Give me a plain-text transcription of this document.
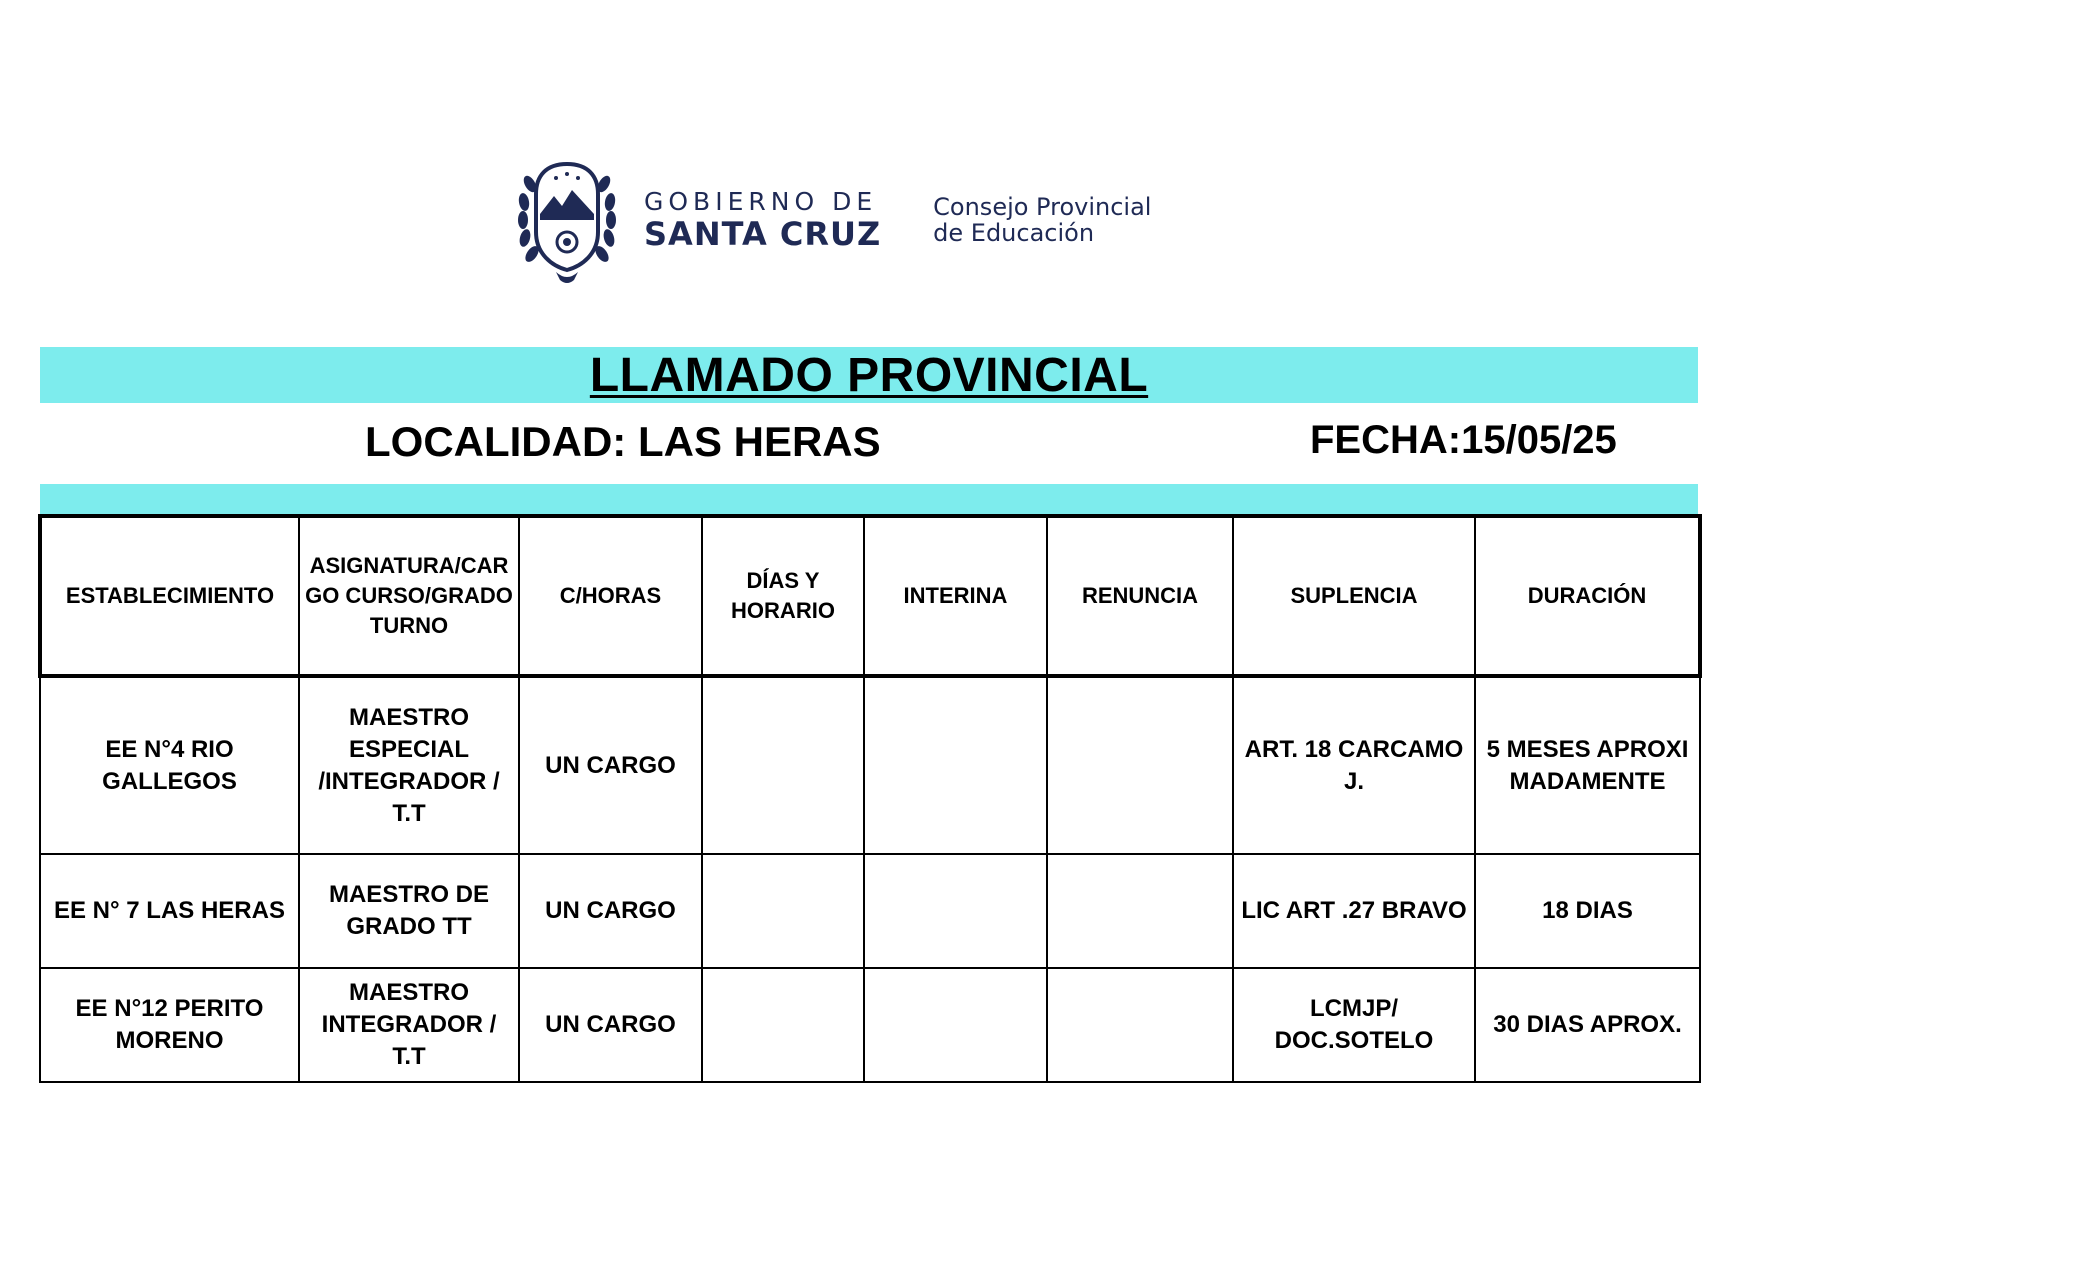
GOBIERNO DE
SANTA CRUZ
Consejo Provincial
de Educación
LLAMADO PROVINCIAL
LOCALIDAD: LAS HERAS	FECHA:15/05/25
ESTABLECIMIENTO	ASIGNATURA/CARGO CURSO/GRADO TURNO	C/HORAS	DÍAS Y HORARIO	INTERINA	RENUNCIA	SUPLENCIA	DURACIÓN
EE N°4 RIO GALLEGOS	MAESTRO ESPECIAL /INTEGRADOR / T.T	UN CARGO				ART. 18 CARCAMO J.	5 MESES APROXIMADAMENTE
EE N° 7 LAS HERAS	MAESTRO DE GRADO TT	UN CARGO				LIC ART .27 BRAVO	18 DIAS
EE N°12 PERITO MORENO	MAESTRO INTEGRADOR / T.T	UN CARGO				LCMJP/ DOC.SOTELO	30 DIAS APROX.
